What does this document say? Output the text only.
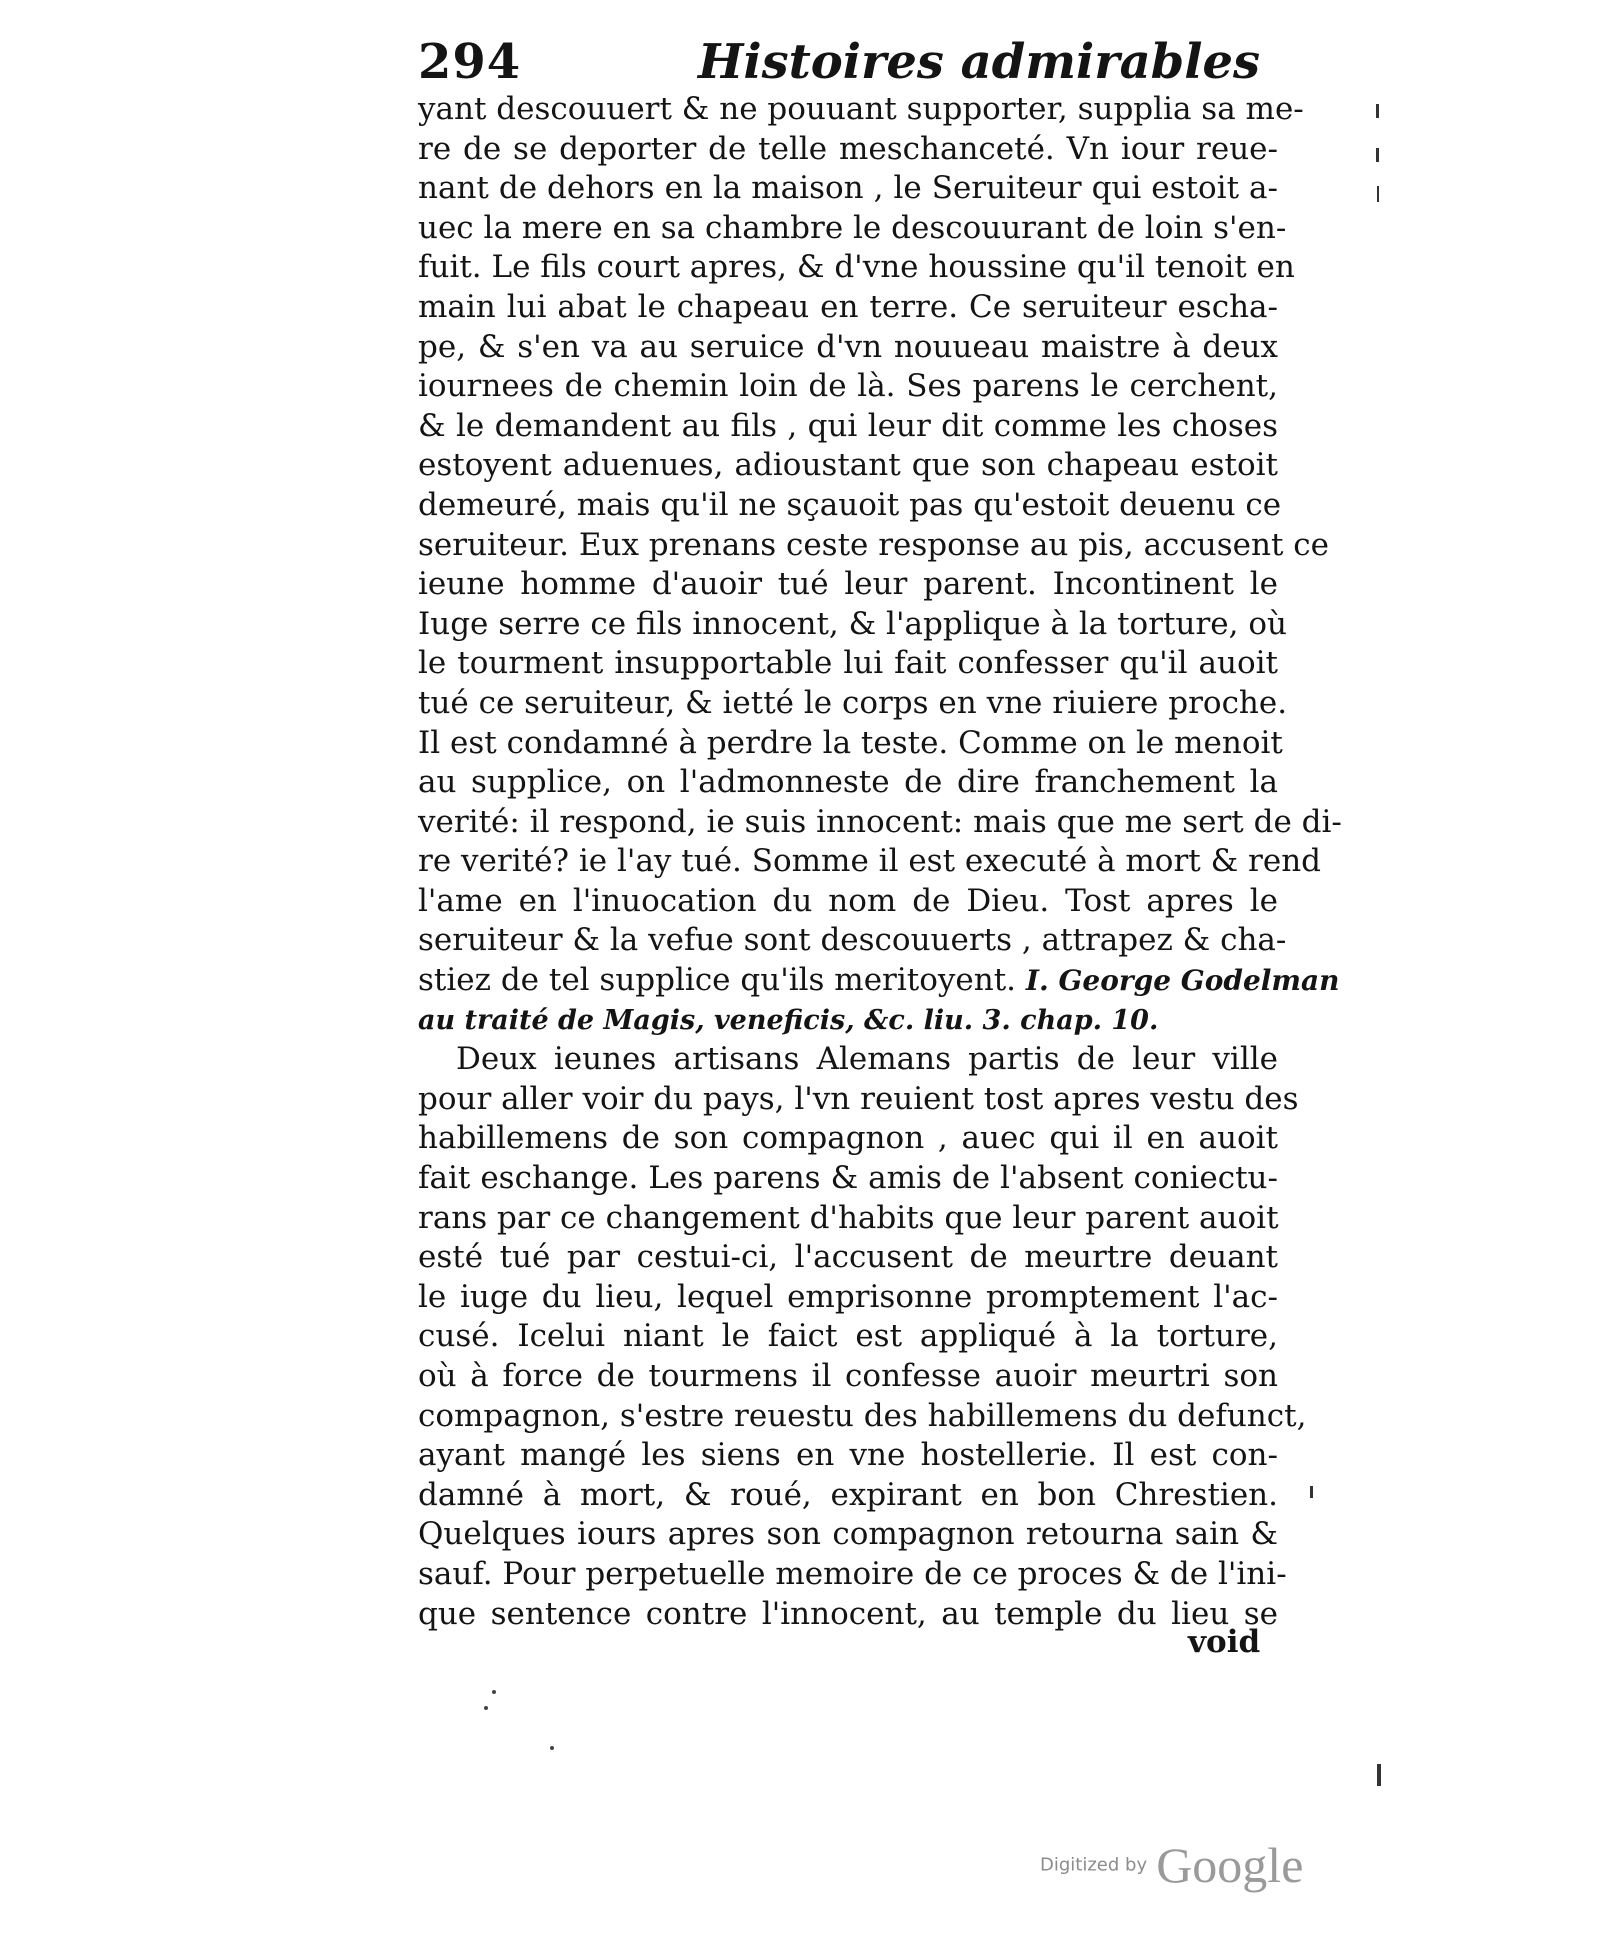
294	Histoires admirables
yant descouuert & ne pouuant supporter, supplia sa me-
re de se deporter de telle meschanceté. Vn iour reue-
nant de dehors en la maison , le Seruiteur qui estoit a-
uec la mere en sa chambre le descouurant de loin s'en-
fuit. Le fils court apres, & d'vne houssine qu'il tenoit en
main lui abat le chapeau en terre. Ce seruiteur escha-
pe, & s'en va au seruice d'vn nouueau maistre à deux
iournees de chemin loin de là. Ses parens le cerchent,
& le demandent au fils , qui leur dit comme les choses
estoyent aduenues, adioustant que son chapeau estoit
demeuré, mais qu'il ne sçauoit pas qu'estoit deuenu ce
seruiteur. Eux prenans ceste response au pis, accusent ce
ieune homme d'auoir tué leur parent. Incontinent le
Iuge serre ce fils innocent, & l'applique à la torture, où
le tourment insupportable lui fait confesser qu'il auoit
tué ce seruiteur, & ietté le corps en vne riuiere proche.
Il est condamné à perdre la teste. Comme on le menoit
au supplice, on l'admonneste de dire franchement la
verité: il respond, ie suis innocent: mais que me sert de di-
re verité? ie l'ay tué. Somme il est executé à mort & rend
l'ame en l'inuocation du nom de Dieu. Tost apres le
seruiteur & la vefue sont descouuerts , attrapez & cha-
stiez de tel supplice qu'ils meritoyent. I. George Godelman
au traité de Magis, veneficis, &c. liu. 3. chap. 10.
Deux ieunes artisans Alemans partis de leur ville
pour aller voir du pays, l'vn reuient tost apres vestu des
habillemens de son compagnon , auec qui il en auoit
fait eschange. Les parens & amis de l'absent coniectu-
rans par ce changement d'habits que leur parent auoit
esté tué par cestui-ci, l'accusent de meurtre deuant
le iuge du lieu, lequel emprisonne promptement l'ac-
cusé. Icelui niant le faict est appliqué à la torture,
où à force de tourmens il confesse auoir meurtri son
compagnon, s'estre reuestu des habillemens du defunct,
ayant mangé les siens en vne hostellerie. Il est con-
damné à mort, & roué, expirant en bon Chrestien.
Quelques iours apres son compagnon retourna sain &
sauf. Pour perpetuelle memoire de ce proces & de l'ini-
que sentence contre l'innocent, au temple du lieu se
void
Digitized by Google
